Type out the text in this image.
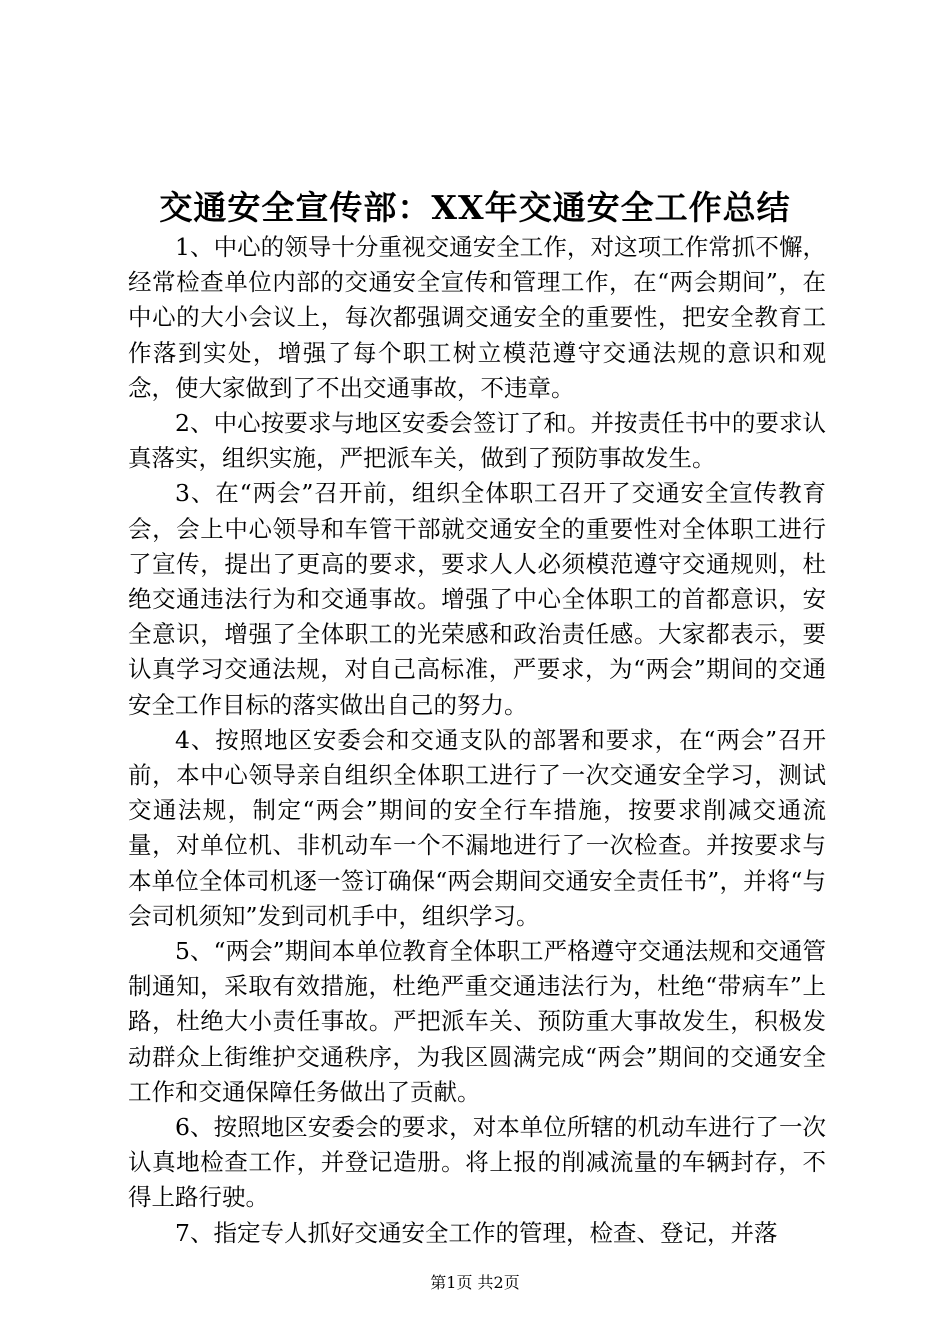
交通安全宣传部：XX年交通安全工作总结

1、中心的领导十分重视交通安全工作，对这项工作常抓不懈，经常检查单位内部的交通安全宣传和管理工作，在“两会期间”，在中心的大小会议上，每次都强调交通安全的重要性，把安全教育工作落到实处，增强了每个职工树立模范遵守交通法规的意识和观念，使大家做到了不出交通事故，不违章。

2、中心按要求与地区安委会签订了和。并按责任书中的要求认真落实，组织实施，严把派车关，做到了预防事故发生。

3、在“两会”召开前，组织全体职工召开了交通安全宣传教育会，会上中心领导和车管干部就交通安全的重要性对全体职工进行了宣传，提出了更高的要求，要求人人必须模范遵守交通规则，杜绝交通违法行为和交通事故。增强了中心全体职工的首都意识，安全意识，增强了全体职工的光荣感和政治责任感。大家都表示，要认真学习交通法规，对自己高标准，严要求，为“两会”期间的交通安全工作目标的落实做出自己的努力。

4、按照地区安委会和交通支队的部署和要求，在“两会”召开前，本中心领导亲自组织全体职工进行了一次交通安全学习，测试交通法规，制定“两会”期间的安全行车措施，按要求削减交通流量，对单位机、非机动车一个不漏地进行了一次检查。并按要求与本单位全体司机逐一签订确保“两会期间交通安全责任书”，并将“与会司机须知”发到司机手中，组织学习。

5、“两会”期间本单位教育全体职工严格遵守交通法规和交通管制通知，采取有效措施，杜绝严重交通违法行为，杜绝“带病车”上路，杜绝大小责任事故。严把派车关、预防重大事故发生，积极发动群众上街维护交通秩序，为我区圆满完成“两会”期间的交通安全工作和交通保障任务做出了贡献。

6、按照地区安委会的要求，对本单位所辖的机动车进行了一次认真地检查工作，并登记造册。将上报的削减流量的车辆封存，不得上路行驶。

7、指定专人抓好交通安全工作的管理，检查、登记，并落

第1页 共2页
